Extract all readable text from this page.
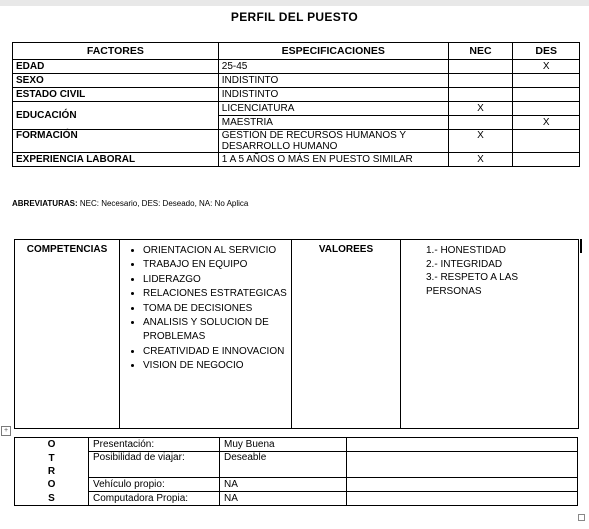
PERFIL DEL PUESTO
FACTORES	ESPECIFICACIONES	NEC	DES
EDAD	25-45		X
SEXO	INDISTINTO		
ESTADO CIVIL	INDISTINTO		
EDUCACIÓN	LICENCIATURA	X	
	MAESTRIA		X
FORMACIÓN	GESTIÓN DE RECURSOS HUMANOS Y DESARROLLO HUMANO	X	
EXPERIENCIA LABORAL	1 A 5 AÑOS O MÁS EN PUESTO SIMILAR	X	
ABREVIATURAS: NEC: Necesario, DES: Deseado, NA: No Aplica
COMPETENCIAS	
•ORIENTACION AL SERVICIO
• TRABAJO EN EQUIPO
• LIDERAZGO
• RELACIONES ESTRATEGICAS
• TOMA DE DECISIONES
• ANALISIS Y SOLUCION DE PROBLEMAS
• CREATIVIDAD E INNOVACION
• VISION DE NEGOCIO
	VALOREES	1.- HONESTIDAD
2.- INTEGRIDAD
3.- RESPETO A LAS PERSONAS
+
O	Presentación:	Muy Buena	
T	Posibilidad de viajar:	Deseable	
R			
O	Vehículo propio:	NA	
S	Computadora Propia:	NA	
